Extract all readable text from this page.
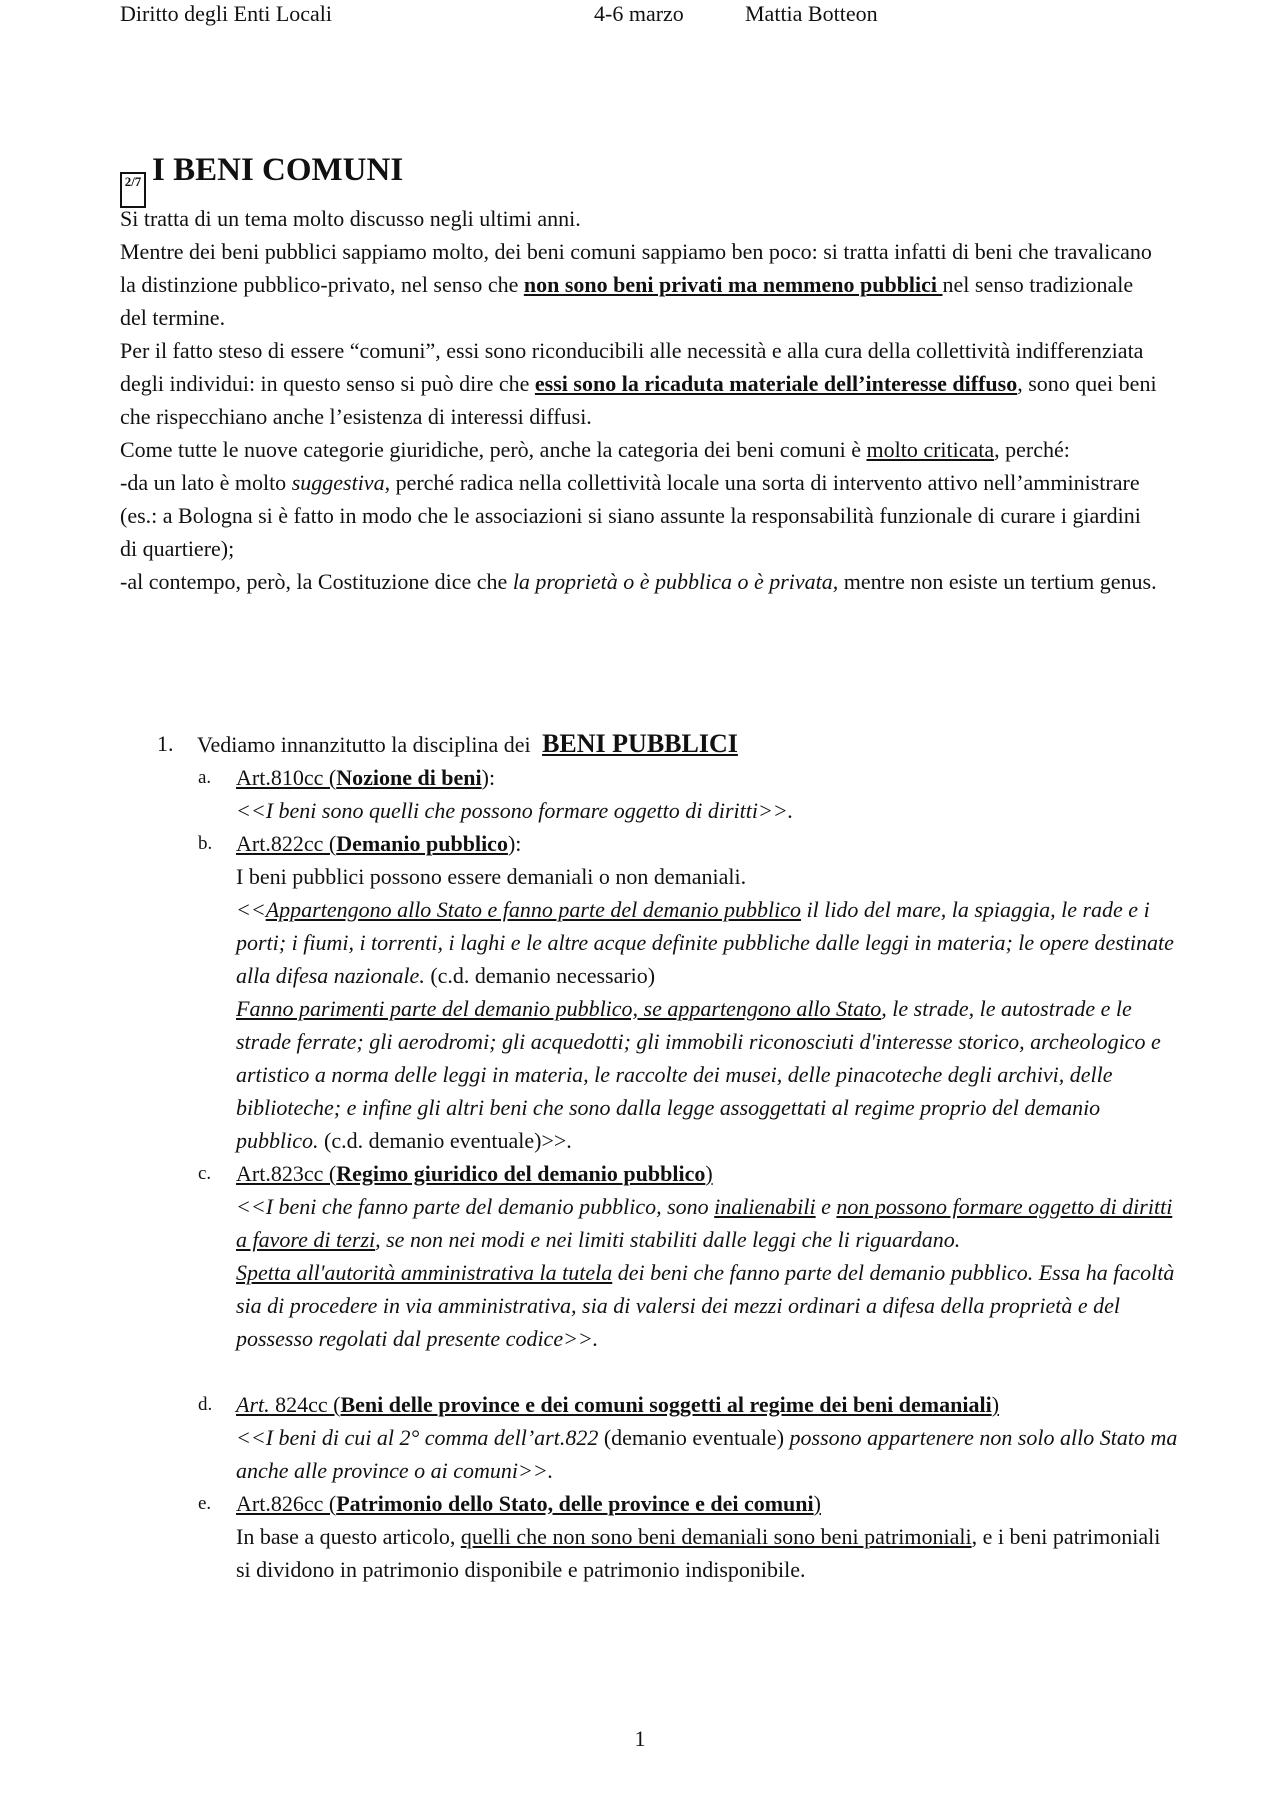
Diritto degli Enti Locali	4-6 marzo	Mattia Botteon
2/7 I BENI COMUNI

Si tratta di un tema molto discusso negli ultimi anni.

Mentre dei beni pubblici sappiamo molto, dei beni comuni sappiamo ben poco: si tratta infatti di beni che travalicano la distinzione pubblico-privato, nel senso che non sono beni privati ma nemmeno pubblici nel senso tradizionale del termine.

Per il fatto steso di essere “comuni”, essi sono riconducibili alle necessità e alla cura della collettività indifferenziata degli individui: in questo senso si può dire che essi sono la ricaduta materiale dell’interesse diffuso, sono quei beni che rispecchiano anche l’esistenza di interessi diffusi.

Come tutte le nuove categorie giuridiche, però, anche la categoria dei beni comuni è molto criticata, perché:

-da un lato è molto suggestiva, perché radica nella collettività locale una sorta di intervento attivo nell’amministrare (es.: a Bologna si è fatto in modo che le associazioni si siano assunte la responsabilità funzionale di curare i giardini di quartiere);

-al contempo, però, la Costituzione dice che la proprietà o è pubblica o è privata, mentre non esiste un tertium genus.

1. Vediamo innanzitutto la disciplina dei BENI PUBBLICI

a. Art.810cc (Nozione di beni):

<<I beni sono quelli che possono formare oggetto di diritti>>.

b. Art.822cc (Demanio pubblico):

I beni pubblici possono essere demaniali o non demaniali.

<<Appartengono allo Stato e fanno parte del demanio pubblico il lido del mare, la spiaggia, le rade e i porti; i fiumi, i torrenti, i laghi e le altre acque definite pubbliche dalle leggi in materia; le opere destinate alla difesa nazionale. (c.d. demanio necessario)

Fanno parimenti parte del demanio pubblico, se appartengono allo Stato, le strade, le autostrade e le strade ferrate; gli aerodromi; gli acquedotti; gli immobili riconosciuti d'interesse storico, archeologico e artistico a norma delle leggi in materia, le raccolte dei musei, delle pinacoteche degli archivi, delle biblioteche; e infine gli altri beni che sono dalla legge assoggettati al regime proprio del demanio pubblico. (c.d. demanio eventuale)>>.

c. Art.823cc (Regimo giuridico del demanio pubblico)

<<I beni che fanno parte del demanio pubblico, sono inalienabili e non possono formare oggetto di diritti a favore di terzi, se non nei modi e nei limiti stabiliti dalle leggi che li riguardano.

Spetta all'autorità amministrativa la tutela dei beni che fanno parte del demanio pubblico. Essa ha facoltà sia di procedere in via amministrativa, sia di valersi dei mezzi ordinari a difesa della proprietà e del possesso regolati dal presente codice>>.

d. Art. 824cc (Beni delle province e dei comuni soggetti al regime dei beni demaniali)

<<I beni di cui al 2° comma dell’art.822 (demanio eventuale) possono appartenere non solo allo Stato ma anche alle province o ai comuni>>.

e. Art.826cc (Patrimonio dello Stato, delle province e dei comuni)

In base a questo articolo, quelli che non sono beni demaniali sono beni patrimoniali, e i beni patrimoniali si dividono in patrimonio disponibile e patrimonio indisponibile.

1
